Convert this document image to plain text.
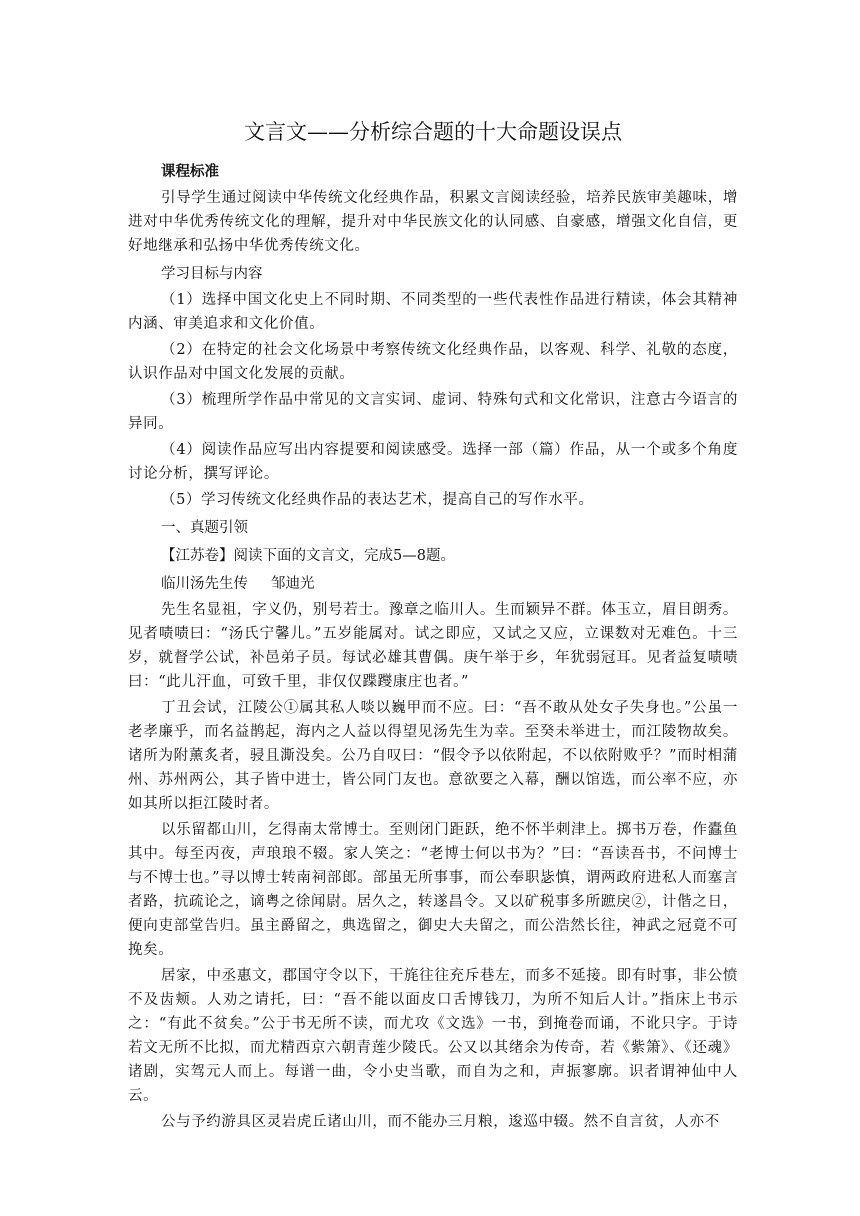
文言文——分析综合题的十大命题设误点

课程标准

引导学生通过阅读中华传统文化经典作品，积累文言阅读经验，培养民族审美趣味，增进对中华优秀传统文化的理解，提升对中华民族文化的认同感、自豪感，增强文化自信，更好地继承和弘扬中华优秀传统文化。

学习目标与内容

（1）选择中国文化史上不同时期、不同类型的一些代表性作品进行精读，体会其精神内涵、审美追求和文化价值。

（2）在特定的社会文化场景中考察传统文化经典作品，以客观、科学、礼敬的态度，认识作品对中国文化发展的贡献。

（3）梳理所学作品中常见的文言实词、虚词、特殊句式和文化常识，注意古今语言的异同。

（4）阅读作品应写出内容提要和阅读感受。选择一部（篇）作品，从一个或多个角度讨论分析，撰写评论。

（5）学习传统文化经典作品的表达艺术，提高自己的写作水平。

一、真题引领

【江苏卷】阅读下面的文言文，完成5—8题。

临川汤先生传 邹迪光

先生名显祖，字义仍，别号若士。豫章之临川人。生而颖异不群。体玉立，眉目朗秀。见者啧啧曰：“汤氏宁馨儿。”五岁能属对。试之即应，又试之又应，立课数对无难色。十三岁，就督学公试，补邑弟子员。每试必雄其曹偶。庚午举于乡，年犹弱冠耳。见者益复啧啧曰：“此儿汗血，可致千里，非仅仅蹀躞康庄也者。”

丁丑会试，江陵公①属其私人啖以巍甲而不应。曰：“吾不敢从处女子失身也。”公虽一老孝廉乎，而名益鹊起，海内之人益以得望见汤先生为幸。至癸未举进士，而江陵物故矣。诸所为附薰炙者，骎且澌没矣。公乃自叹曰：“假令予以依附起，不以依附败乎？”而时相蒲州、苏州两公，其子皆中进士，皆公同门友也。意欲要之入幕，酬以馆选，而公率不应，亦如其所以拒江陵时者。

以乐留都山川，乞得南太常博士。至则闭门距跃，绝不怀半刺津上。掷书万卷，作蠹鱼其中。每至丙夜，声琅琅不辍。家人笑之：“老博士何以书为？”曰：“吾读吾书，不问博士与不博士也。”寻以博士转南祠部郎。部虽无所事事，而公奉职毖慎，谓两政府进私人而塞言者路，抗疏论之，谪粤之徐闻尉。居久之，转遂昌令。又以矿税事多所蹠戾②，计偕之日，便向吏部堂告归。虽主爵留之，典选留之，御史大夫留之，而公浩然长往，神武之冠竟不可挽矣。

居家，中丞惠文，郡国守令以下，干旄往往充斥巷左，而多不延接。即有时事，非公愤不及齿颊。人劝之请托，曰：“吾不能以面皮口舌博钱刀，为所不知后人计。”指床上书示之：“有此不贫矣。”公于书无所不读，而尤攻《文选》一书，到掩卷而诵，不讹只字。于诗若文无所不比拟，而尤精西京六朝青莲少陵氏。公又以其绪余为传奇，若《紫箫》、《还魂》诸剧，实驾元人而上。每谱一曲，令小史当歌，而自为之和，声振寥廓。识者谓神仙中人云。

公与予约游具区灵岩虎丘诸山川，而不能办三月粮，逡巡中辍。然不自言贫，人亦不
